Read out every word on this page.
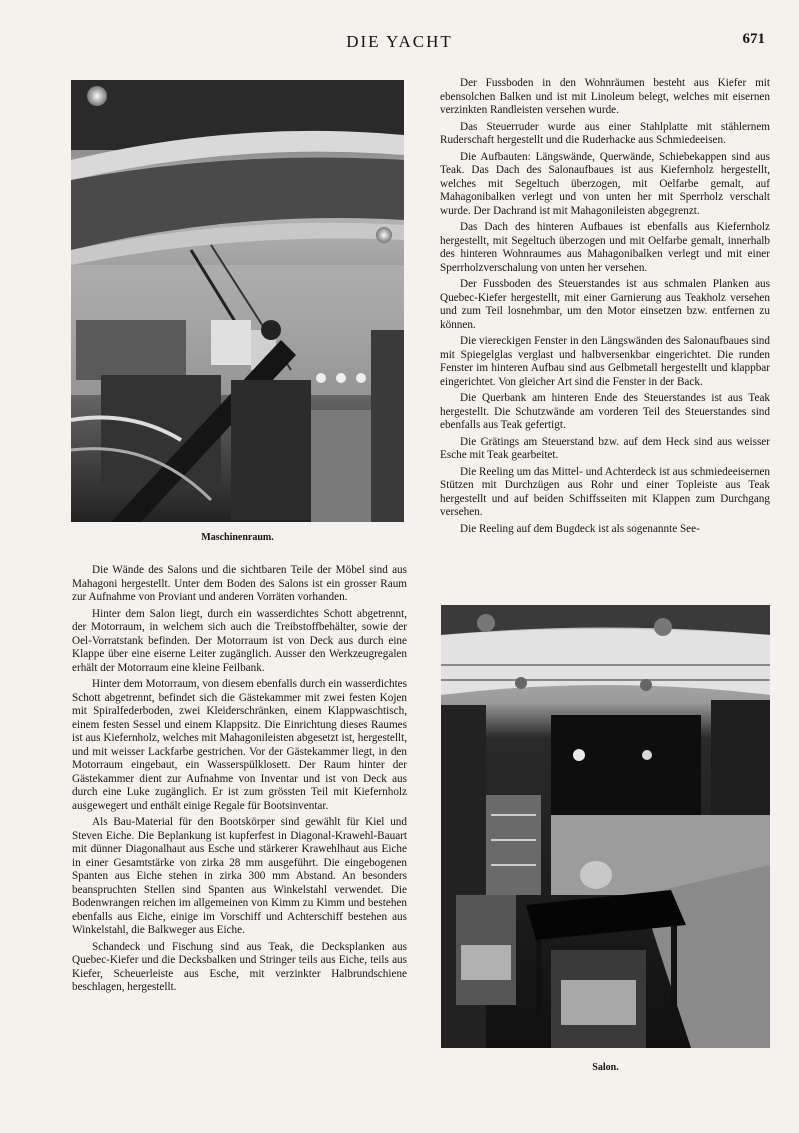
DIE YACHT	671
Maschinenraum.
Salon.

Die Wände des Salons und die sichtbaren Teile der Möbel sind aus Mahagoni hergestellt. Unter dem Boden des Salons ist ein grosser Raum zur Aufnahme von Proviant und anderen Vorräten vorhanden.

Hinter dem Salon liegt, durch ein wasserdichtes Schott abgetrennt, der Motorraum, in welchem sich auch die Treibstoffbehälter, sowie der Oel-Vorratstank befinden. Der Motorraum ist von Deck aus durch eine Klappe über eine eiserne Leiter zugänglich. Ausser den Werkzeugregalen erhält der Motorraum eine kleine Feilbank.

Hinter dem Motorraum, von diesem ebenfalls durch ein wasserdichtes Schott abgetrennt, befindet sich die Gästekammer mit zwei festen Kojen mit Spiralfederboden, zwei Kleiderschränken, einem Klappwaschtisch, einem festen Sessel und einem Klappsitz. Die Einrichtung dieses Raumes ist aus Kiefernholz, welches mit Mahagonileisten abgesetzt ist, hergestellt, und mit weisser Lackfarbe gestrichen. Vor der Gästekammer liegt, in den Motorraum eingebaut, ein Wasserspülklosett. Der Raum hinter der Gästekammer dient zur Aufnahme von Inventar und ist von Deck aus durch eine Luke zugänglich. Er ist zum grössten Teil mit Kiefernholz ausgewegert und enthält einige Regale für Bootsinventar.

Als Bau-Material für den Bootskörper sind gewählt für Kiel und Steven Eiche. Die Beplankung ist kupferfest in Diagonal-Krawehl-Bauart mit dünner Diagonalhaut aus Esche und stärkerer Krawehlhaut aus Eiche in einer Gesamtstärke von zirka 28 mm ausgeführt. Die eingebogenen Spanten aus Eiche stehen in zirka 300 mm Abstand. An besonders beanspruchten Stellen sind Spanten aus Winkelstahl verwendet. Die Bodenwrangen reichen im allgemeinen von Kimm zu Kimm und bestehen ebenfalls aus Eiche, einige im Vorschiff und Achterschiff bestehen aus Winkelstahl, die Balkweger aus Eiche.

Schandeck und Fischung sind aus Teak, die Decksplanken aus Quebec-Kiefer und die Decksbalken und Stringer teils aus Eiche, teils aus Kiefer, Scheuerleiste aus Esche, mit verzinkter Halbrundschiene beschlagen, hergestellt.

Der Fussboden in den Wohnräumen besteht aus Kiefer mit ebensolchen Balken und ist mit Linoleum belegt, welches mit eisernen verzinkten Randleisten versehen wurde.

Das Steuerruder wurde aus einer Stahlplatte mit stählernem Ruderschaft hergestellt und die Ruderhacke aus Schmiedeeisen.

Die Aufbauten: Längswände, Querwände, Schiebekappen sind aus Teak. Das Dach des Salonaufbaues ist aus Kiefernholz hergestellt, welches mit Segeltuch überzogen, mit Oelfarbe gemalt, auf Mahagonibalken verlegt und von unten her mit Sperrholz verschalt wurde. Der Dachrand ist mit Mahagonileisten abgegrenzt.

Das Dach des hinteren Aufbaues ist ebenfalls aus Kiefernholz hergestellt, mit Segeltuch überzogen und mit Oelfarbe gemalt, innerhalb des hinteren Wohnraumes aus Mahagonibalken verlegt und mit einer Sperrholzverschalung von unten her versehen.

Der Fussboden des Steuerstandes ist aus schmalen Planken aus Quebec-Kiefer hergestellt, mit einer Garnierung aus Teakholz versehen und zum Teil losnehmbar, um den Motor einsetzen bzw. entfernen zu können.

Die viereckigen Fenster in den Längswänden des Salonaufbaues sind mit Spiegelglas verglast und halbversenkbar eingerichtet. Die runden Fenster im hinteren Aufbau sind aus Gelbmetall hergestellt und klappbar eingerichtet. Von gleicher Art sind die Fenster in der Back.

Die Querbank am hinteren Ende des Steuerstandes ist aus Teak hergestellt. Die Schutzwände am vorderen Teil des Steuerstandes sind ebenfalls aus Teak gefertigt.

Die Grätings am Steuerstand bzw. auf dem Heck sind aus weisser Esche mit Teak gearbeitet.

Die Reeling um das Mittel- und Achterdeck ist aus schmiedeeisernen Stützen mit Durchzügen aus Rohr und einer Topleiste aus Teak hergestellt und auf beiden Schiffsseiten mit Klappen zum Durchgang versehen.

Die Reeling auf dem Bugdeck ist als sogenannte See-
